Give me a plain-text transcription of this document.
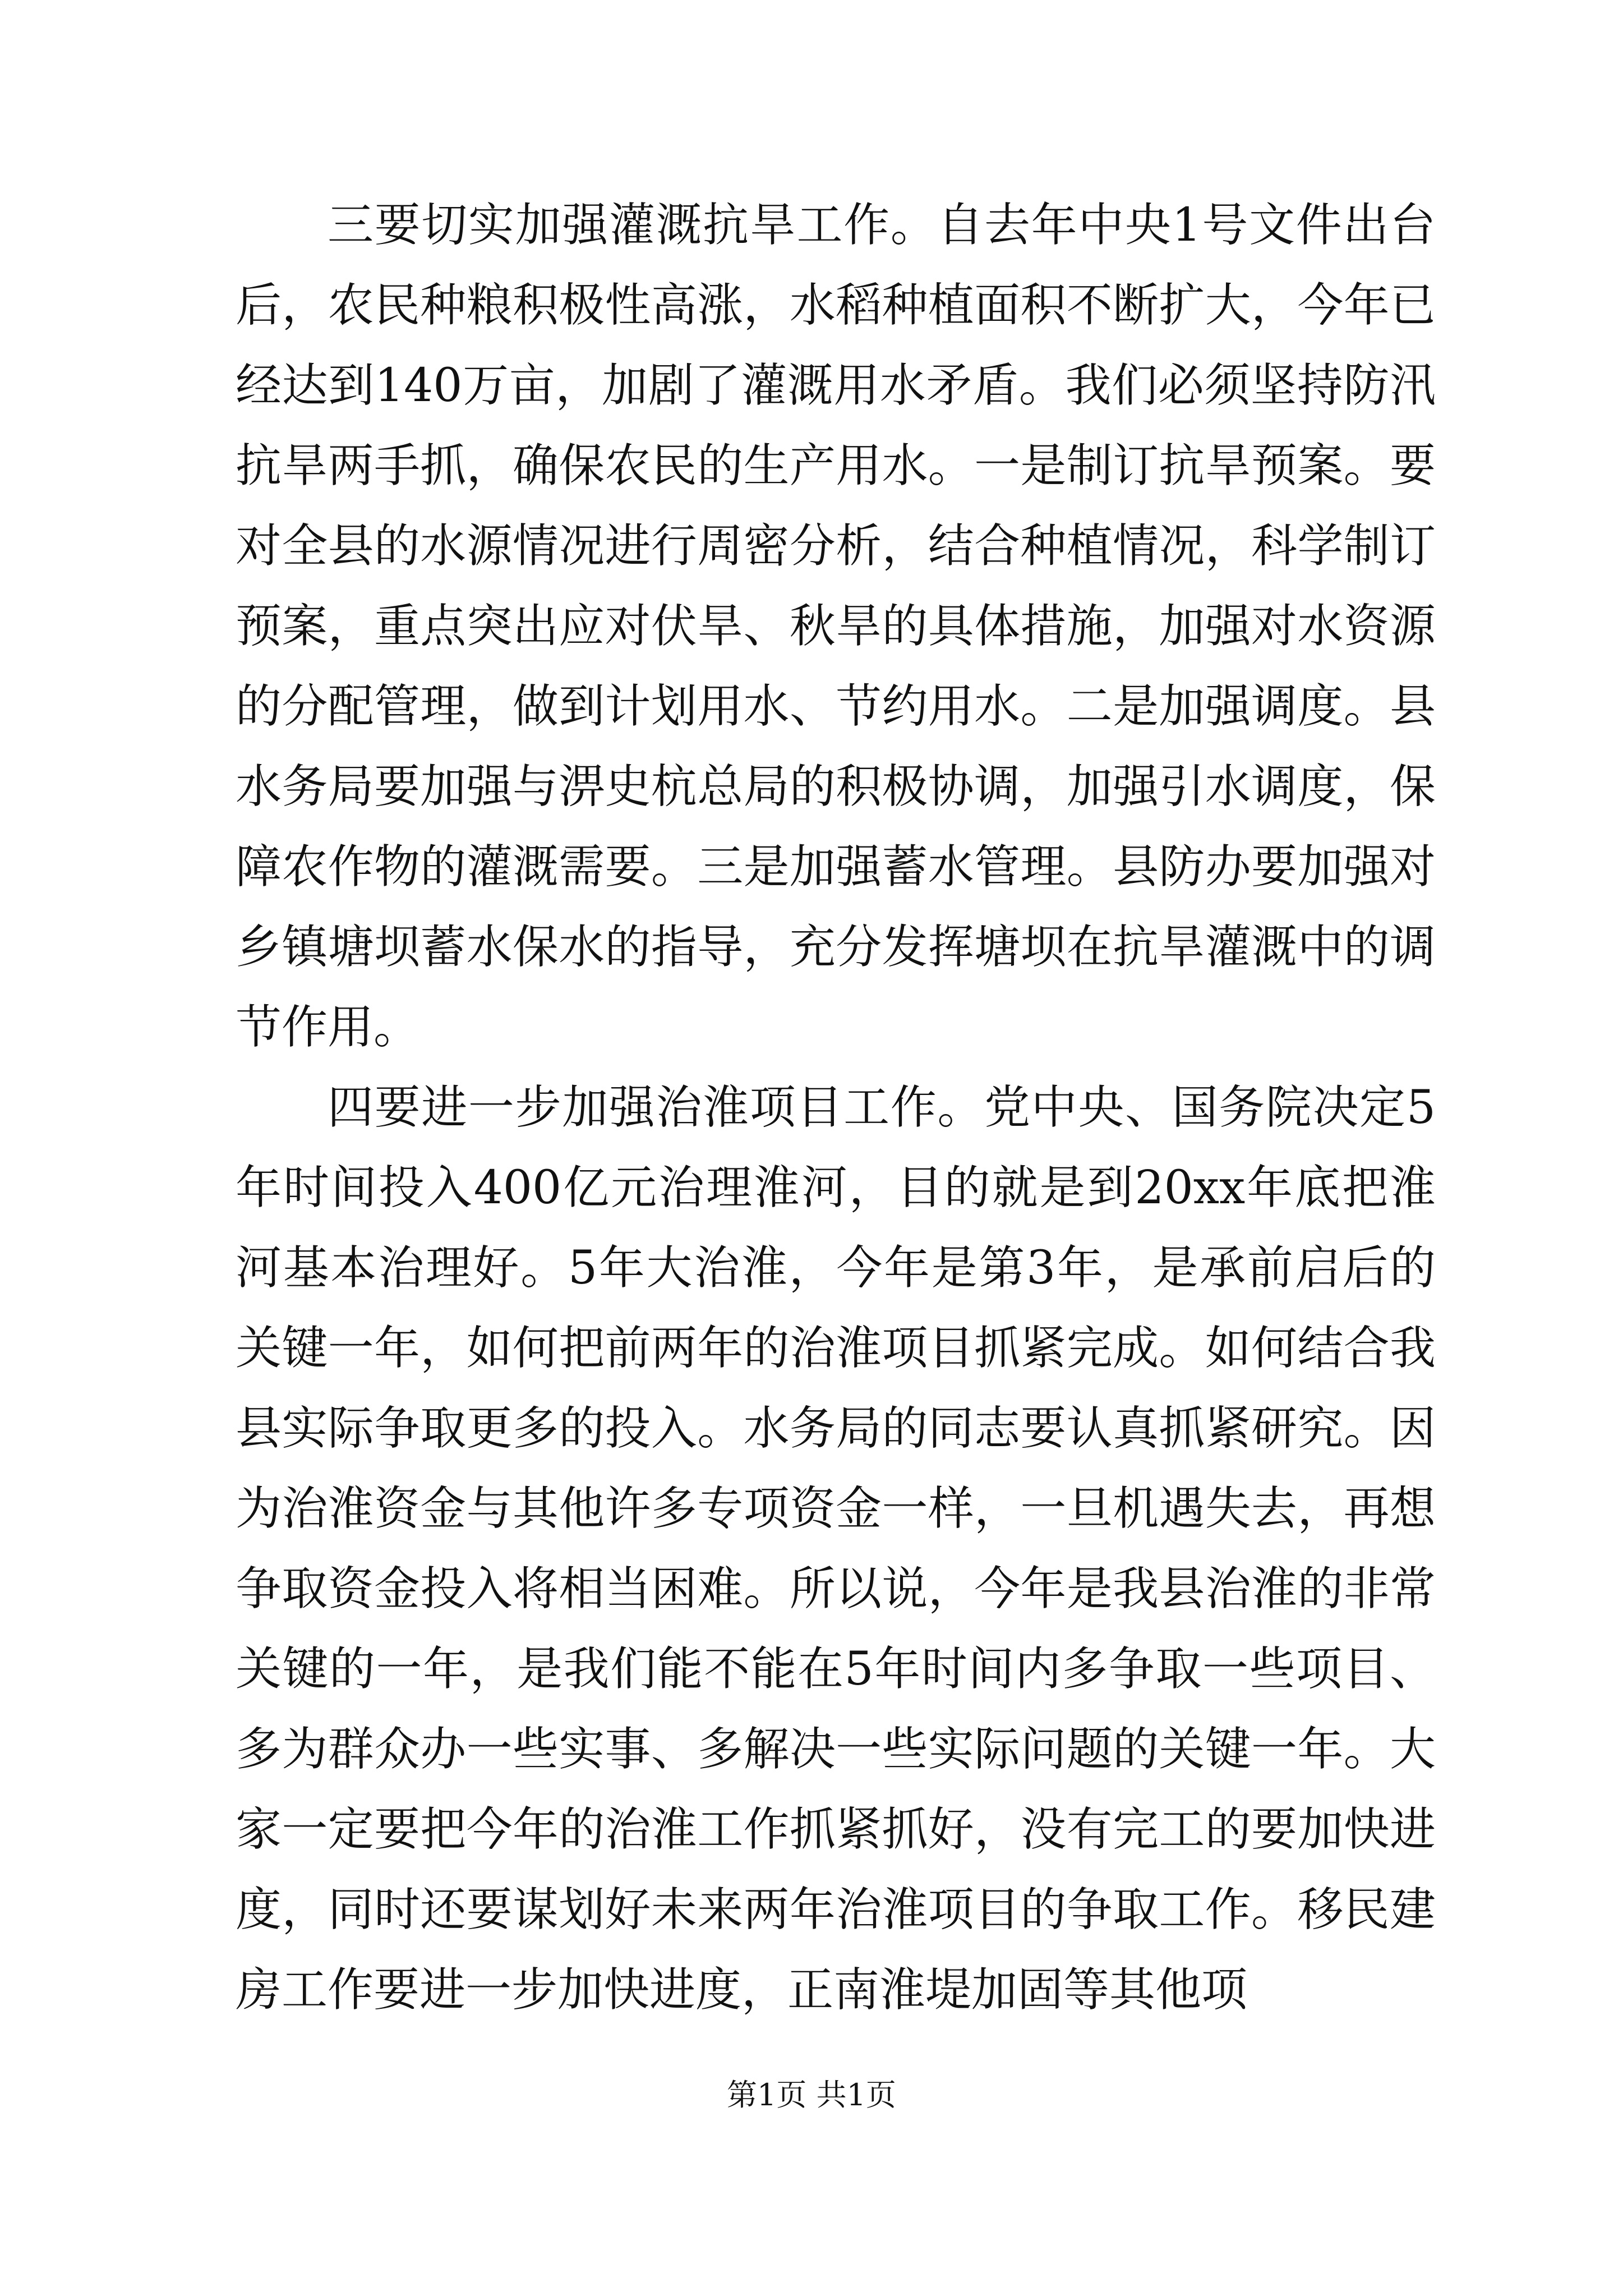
三要切实加强灌溉抗旱工作。自去年中央1号文件出台后，农民种粮积极性高涨，水稻种植面积不断扩大，今年已经达到140万亩，加剧了灌溉用水矛盾。我们必须坚持防汛抗旱两手抓，确保农民的生产用水。一是制订抗旱预案。要对全县的水源情况进行周密分析，结合种植情况，科学制订预案，重点突出应对伏旱、秋旱的具体措施，加强对水资源的分配管理，做到计划用水、节约用水。二是加强调度。县水务局要加强与淠史杭总局的积极协调，加强引水调度，保障农作物的灌溉需要。三是加强蓄水管理。县防办要加强对乡镇塘坝蓄水保水的指导，充分发挥塘坝在抗旱灌溉中的调节作用。

四要进一步加强治淮项目工作。党中央、国务院决定5年时间投入400亿元治理淮河，目的就是到20xx年底把淮河基本治理好。5年大治淮，今年是第3年，是承前启后的关键一年，如何把前两年的治淮项目抓紧完成。如何结合我县实际争取更多的投入。水务局的同志要认真抓紧研究。因为治淮资金与其他许多专项资金一样，一旦机遇失去，再想争取资金投入将相当困难。所以说，今年是我县治淮的非常关键的一年，是我们能不能在5年时间内多争取一些项目、多为群众办一些实事、多解决一些实际问题的关键一年。大家一定要把今年的治淮工作抓紧抓好，没有完工的要加快进度，同时还要谋划好未来两年治淮项目的争取工作。移民建房工作要进一步加快进度，正南淮堤加固等其他项

第1页 共1页
